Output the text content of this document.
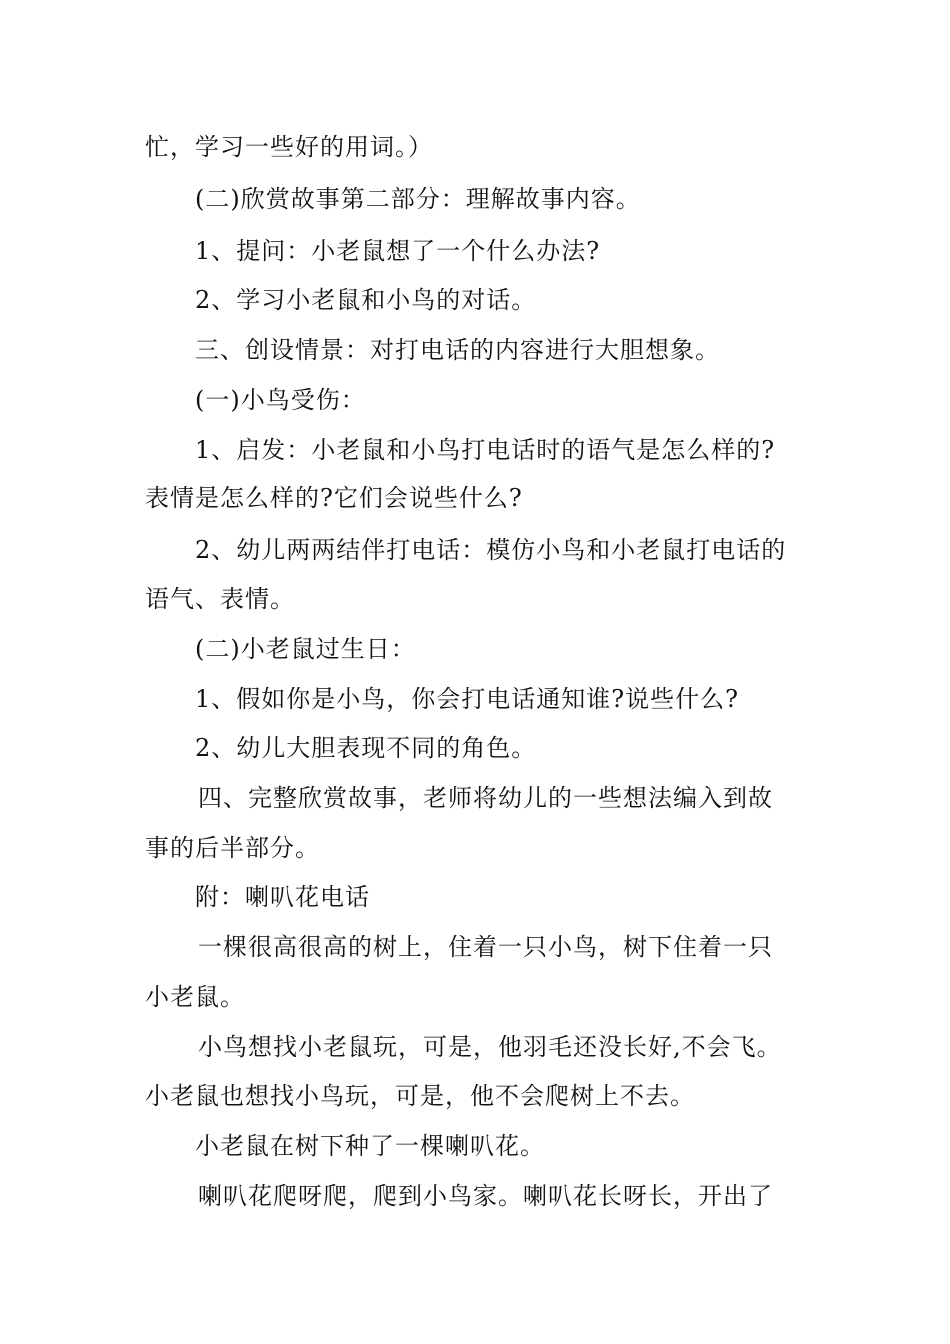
忙，学习一些好的用词。）
(二)欣赏故事第二部分：理解故事内容。
1、提问：小老鼠想了一个什么办法?
2、学习小老鼠和小鸟的对话。
三、创设情景：对打电话的内容进行大胆想象。
(一)小鸟受伤：
1、启发：小老鼠和小鸟打电话时的语气是怎么样的?
表情是怎么样的?它们会说些什么?
2、幼儿两两结伴打电话：模仿小鸟和小老鼠打电话的
语气、表情。
(二)小老鼠过生日：
1、假如你是小鸟，你会打电话通知谁?说些什么?
2、幼儿大胆表现不同的角色。
四、完整欣赏故事，老师将幼儿的一些想法编入到故
事的后半部分。
附：喇叭花电话
一棵很高很高的树上，住着一只小鸟，树下住着一只
小老鼠。
小鸟想找小老鼠玩，可是，他羽毛还没长好,不会飞。
小老鼠也想找小鸟玩，可是，他不会爬树上不去。
小老鼠在树下种了一棵喇叭花。
喇叭花爬呀爬，爬到小鸟家。喇叭花长呀长，开出了
